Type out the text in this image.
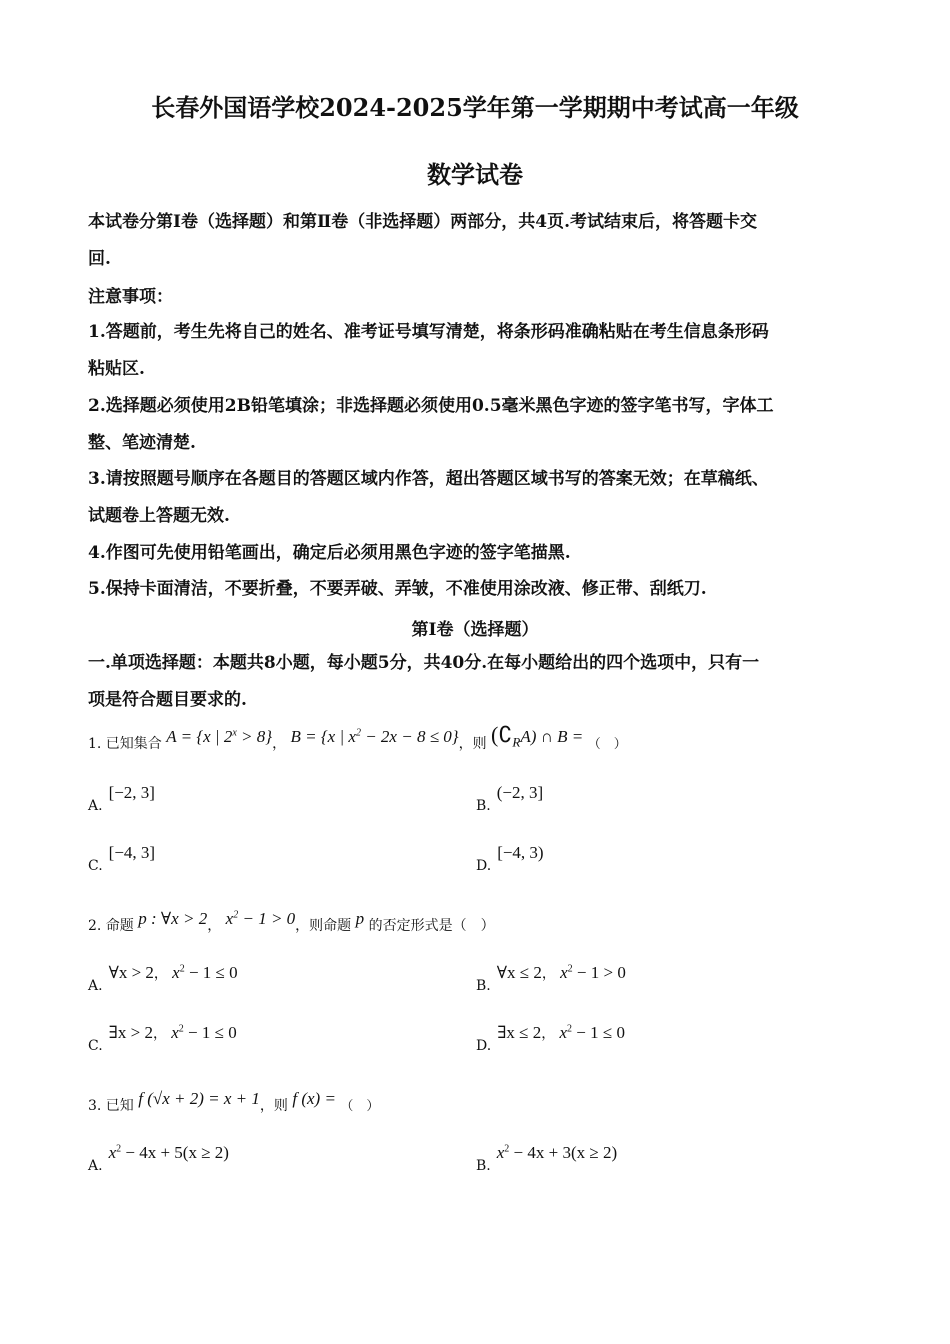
长春外国语学校2024-2025学年第一学期期中考试高一年级
数学试卷
本试卷分第Ⅰ卷（选择题）和第Ⅱ卷（非选择题）两部分，共4页.考试结束后，将答题卡交
回.
注意事项：
1.答题前，考生先将自己的姓名、准考证号填写清楚，将条形码准确粘贴在考生信息条形码
粘贴区.
2.选择题必须使用2B铅笔填涂；非选择题必须使用0.5毫米黑色字迹的签字笔书写，字体工
整、笔迹清楚.
3.请按照题号顺序在各题目的答题区域内作答，超出答题区域书写的答案无效；在草稿纸、
试题卷上答题无效.
4.作图可先使用铅笔画出，确定后必须用黑色字迹的签字笔描黑.
5.保持卡面清洁，不要折叠，不要弄破、弄皱，不准使用涂改液、修正带、刮纸刀.
第I卷（选择题）
一.单项选择题：本题共8小题，每小题5分，共40分.在每小题给出的四个选项中，只有一
项是符合题目要求的.
1. 已知集合 A = {x | $2^x > 8$}， B = {x | $x^2 - 2x - 8 \le 0$}，则 $(∁_RA)$ ∩ B = （　）
A.[−2, 3]
B.(−2, 3]
C.[−4, 3]
D.[−4, 3)
2. 命题 p : ∀x > 2， $x^2 - 1 > 0$，则命题 p 的否定形式是（　）
A.∀x > 2， $x^2 - 1 \le 0$
B.∀x ≤ 2， $x^2 - 1 > 0$
C.∃x > 2， $x^2 - 1 \le 0$
D.∃x ≤ 2， $x^2 - 1 \le 0$
3. 已知 f (√x + 2) = x + 1，则 f (x) = （　）
$A.x^2 - 4x + 5(x \ge 2)$
$B.x^2 - 4x + 3(x \ge 2)$
